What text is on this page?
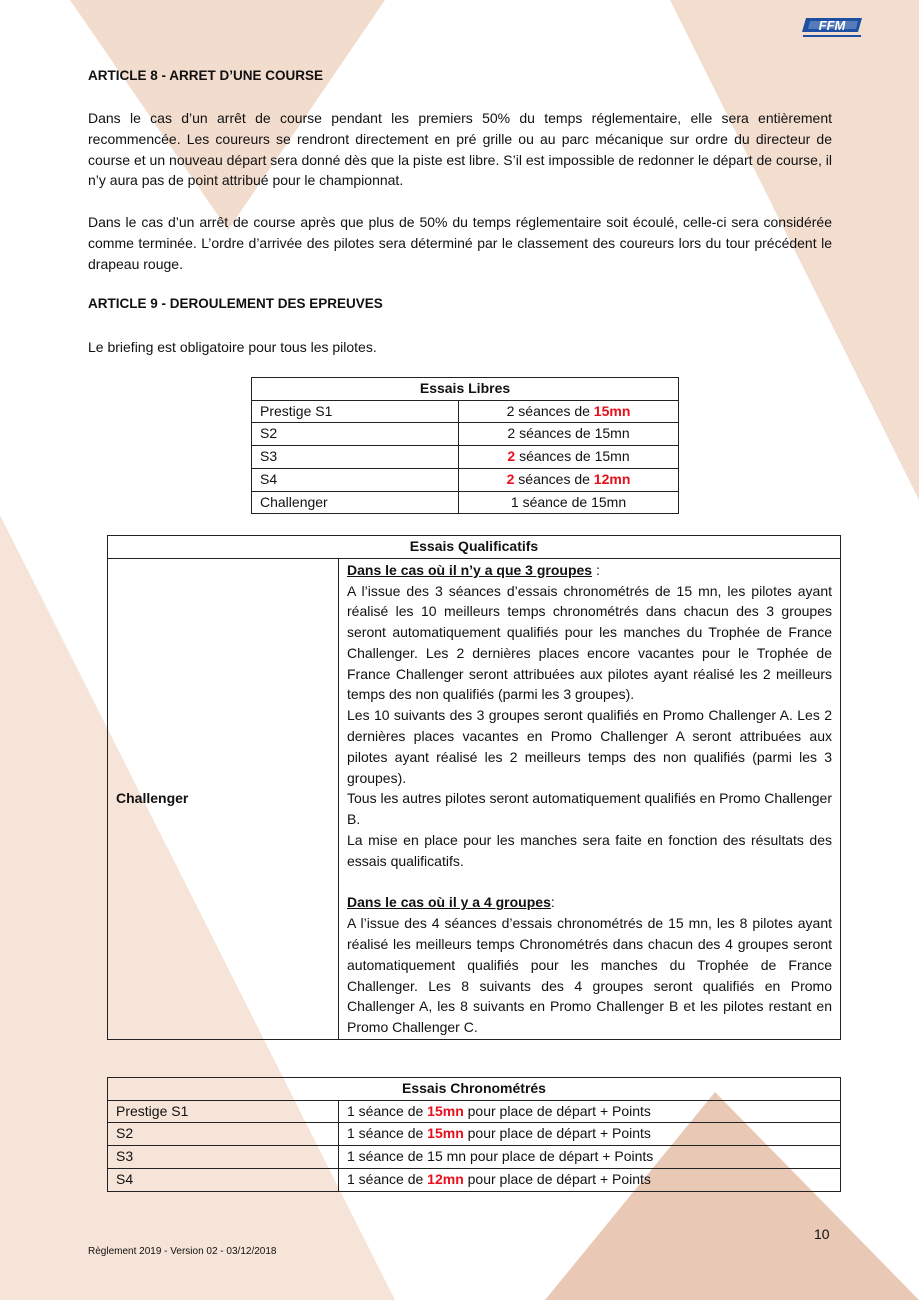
FFM
ARTICLE 8 - ARRET D’UNE COURSE

Dans le cas d’un arrêt de course pendant les premiers 50% du temps réglementaire, elle sera entièrement recommencée. Les coureurs se rendront directement en pré grille ou au parc mécanique sur ordre du directeur de course et un nouveau départ sera donné dès que la piste est libre. S’il est impossible de redonner le départ de course, il n’y aura pas de point attribué pour le championnat.

Dans le cas d’un arrêt de course après que plus de 50% du temps réglementaire soit écoulé, celle-ci sera considérée comme terminée. L’ordre d’arrivée des pilotes sera déterminé par le classement des coureurs lors du tour précédent le drapeau rouge.

ARTICLE 9 - DEROULEMENT DES EPREUVES

Le briefing est obligatoire pour tous les pilotes.

Essais Libres	
Prestige S1	2 séances de 15mn
S2	2 séances de 15mn
S3	2 séances de 15mn
S4	2 séances de 12mn
Challenger	1 séance de 15mn
Essais Qualificatifs
Challenger	
Dans le cas où il n’y a que 3 groupes :
A l’issue des 3 séances d’essais chronométrés de 15 mn, les pilotes ayant réalisé les 10 meilleurs temps chronométrés dans chacun des 3 groupes seront automatiquement qualifiés pour les manches du Trophée de France Challenger. Les 2 dernières places encore vacantes pour le Trophée de France Challenger seront attribuées aux pilotes ayant réalisé les 2 meilleurs temps des non qualifiés (parmi les 3 groupes).
Les 10 suivants des 3 groupes seront qualifiés en Promo Challenger A. Les 2 dernières places vacantes en Promo Challenger A seront attribuées aux pilotes ayant réalisé les 2 meilleurs temps des non qualifiés (parmi les 3 groupes).
Tous les autres pilotes seront automatiquement qualifiés en Promo Challenger B.
La mise en place pour les manches sera faite en fonction des résultats des essais qualificatifs.
Dans le cas où il y a 4 groupes:
A l’issue des 4 séances d’essais chronométrés de 15 mn, les 8 pilotes ayant réalisé les meilleurs temps Chronométrés dans chacun des 4 groupes seront automatiquement qualifiés pour les manches du Trophée de France Challenger. Les 8 suivants des 4 groupes seront qualifiés en Promo Challenger A, les 8 suivants en Promo Challenger B et les pilotes restant en Promo Challenger C.
Essais Chronométrés	
Prestige S1	1 séance de 15mn pour place de départ + Points
S2	1 séance de 15mn pour place de départ + Points
S3	1 séance de 15 mn pour place de départ + Points
S4	1 séance de 12mn pour place de départ + Points
10
Règlement 2019 - Version 02 - 03/12/2018
